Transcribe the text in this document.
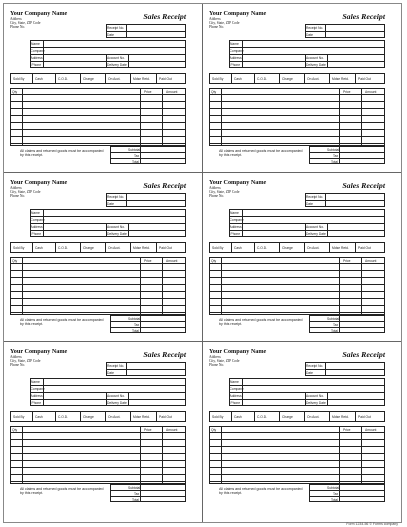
Your Company Name
Address
City, State, ZIP Code
Phone No.
Sales Receipt
Receipt No.
Date
Name
Company
Address
Phone
Account No.
Delivery Date
Sold By	Cash	C.O.D.	Charge	On Acct.	Mdse Retd.	Paid Out
Qty	Description	Price	Amount
All claims and returned goods must be accompanied by this receipt.
Subtotal
Tax
Total
Your Company Name
Address
City, State, ZIP Code
Phone No.
Sales Receipt
Receipt No.
Date
Name
Company
Address
Phone
Account No.
Delivery Date
Sold By	Cash	C.O.D.	Charge	On Acct.	Mdse Retd.	Paid Out
Qty	Description	Price	Amount
All claims and returned goods must be accompanied by this receipt.
Subtotal
Tax
Total
Your Company Name
Address
City, State, ZIP Code
Phone No.
Sales Receipt
Receipt No.
Date
Name
Company
Address
Phone
Account No.
Delivery Date
Sold By	Cash	C.O.D.	Charge	On Acct.	Mdse Retd.	Paid Out
Qty	Description	Price	Amount
All claims and returned goods must be accompanied by this receipt.
Subtotal
Tax
Total
Your Company Name
Address
City, State, ZIP Code
Phone No.
Sales Receipt
Receipt No.
Date
Name
Company
Address
Phone
Account No.
Delivery Date
Sold By	Cash	C.O.D.	Charge	On Acct.	Mdse Retd.	Paid Out
Qty	Description	Price	Amount
All claims and returned goods must be accompanied by this receipt.
Subtotal
Tax
Total
Your Company Name
Address
City, State, ZIP Code
Phone No.
Sales Receipt
Receipt No.
Date
Name
Company
Address
Phone
Account No.
Delivery Date
Sold By	Cash	C.O.D.	Charge	On Acct.	Mdse Retd.	Paid Out
Qty	Description	Price	Amount
All claims and returned goods must be accompanied by this receipt.
Subtotal
Tax
Total
Your Company Name
Address
City, State, ZIP Code
Phone No.
Sales Receipt
Receipt No.
Date
Name
Company
Address
Phone
Account No.
Delivery Date
Sold By	Cash	C.O.D.	Charge	On Acct.	Mdse Retd.	Paid Out
Qty	Description	Price	Amount
All claims and returned goods must be accompanied by this receipt.
Subtotal
Tax
Total
Form 1234-56 © Forms company
